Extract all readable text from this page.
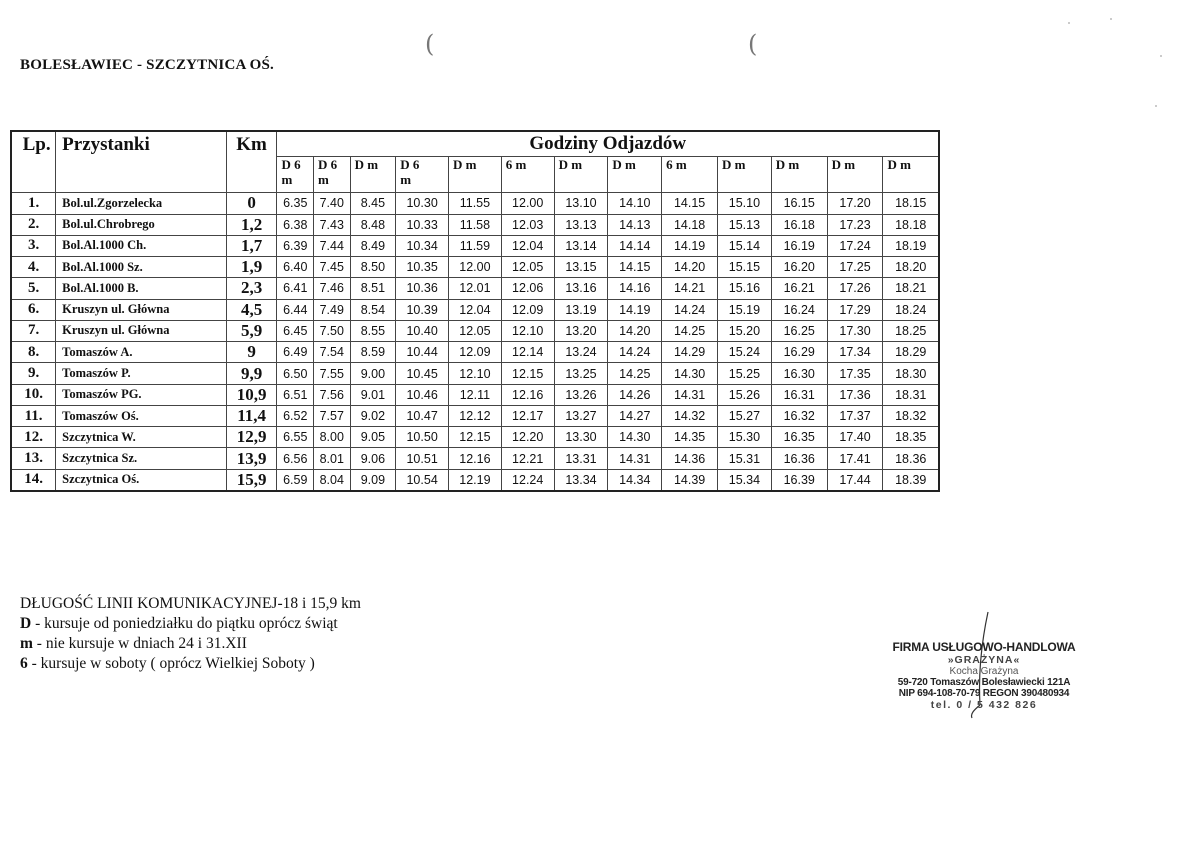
BOLESŁAWIEC - SZCZYTNICA OŚ.
(	(
Lp.	Przystanki	Km	Godziny Odjazdów												

			D 6
m	D 6
m	D m	D 6
m	D m	6 m	D m	D m	6 m	D m	D m	D m	D m

1.	Bol.ul.Zgorzelecka	0	6.35	7.40	8.45	10.30	11.55	12.00	13.10	14.10	14.15	15.10	16.15	17.20	18.15
2.	Bol.ul.Chrobrego	1,2	6.38	7.43	8.48	10.33	11.58	12.03	13.13	14.13	14.18	15.13	16.18	17.23	18.18
3.	Bol.Al.1000 Ch.	1,7	6.39	7.44	8.49	10.34	11.59	12.04	13.14	14.14	14.19	15.14	16.19	17.24	18.19
4.	Bol.Al.1000 Sz.	1,9	6.40	7.45	8.50	10.35	12.00	12.05	13.15	14.15	14.20	15.15	16.20	17.25	18.20
5.	Bol.Al.1000 B.	2,3	6.41	7.46	8.51	10.36	12.01	12.06	13.16	14.16	14.21	15.16	16.21	17.26	18.21
6.	Kruszyn ul. Główna	4,5	6.44	7.49	8.54	10.39	12.04	12.09	13.19	14.19	14.24	15.19	16.24	17.29	18.24
7.	Kruszyn ul. Główna	5,9	6.45	7.50	8.55	10.40	12.05	12.10	13.20	14.20	14.25	15.20	16.25	17.30	18.25
8.	Tomaszów A.	9	6.49	7.54	8.59	10.44	12.09	12.14	13.24	14.24	14.29	15.24	16.29	17.34	18.29
9.	Tomaszów P.	9,9	6.50	7.55	9.00	10.45	12.10	12.15	13.25	14.25	14.30	15.25	16.30	17.35	18.30
10.	Tomaszów PG.	10,9	6.51	7.56	9.01	10.46	12.11	12.16	13.26	14.26	14.31	15.26	16.31	17.36	18.31
11.	Tomaszów Oś.	11,4	6.52	7.57	9.02	10.47	12.12	12.17	13.27	14.27	14.32	15.27	16.32	17.37	18.32
12.	Szczytnica W.	12,9	6.55	8.00	9.05	10.50	12.15	12.20	13.30	14.30	14.35	15.30	16.35	17.40	18.35
13.	Szczytnica Sz.	13,9	6.56	8.01	9.06	10.51	12.16	12.21	13.31	14.31	14.36	15.31	16.36	17.41	18.36
14.	Szczytnica Oś.	15,9	6.59	8.04	9.09	10.54	12.19	12.24	13.34	14.34	14.39	15.34	16.39	17.44	18.39
DŁUGOŚĆ LINII KOMUNIKACYJNEJ-18 i 15,9 km
D - kursuje od poniedziałku do piątku oprócz świąt
m - nie kursuje w dniach 24 i 31.XII
6 - kursuje w soboty ( oprócz Wielkiej Soboty )
FIRMA USŁUGOWO-HANDLOWA
»GRAŻYNA«
Kocha Grażyna
59-720 Tomaszów Bolesławiecki 121A
NIP 694-108-70-79 REGON 390480934
tel. 0 / 5 432 826
